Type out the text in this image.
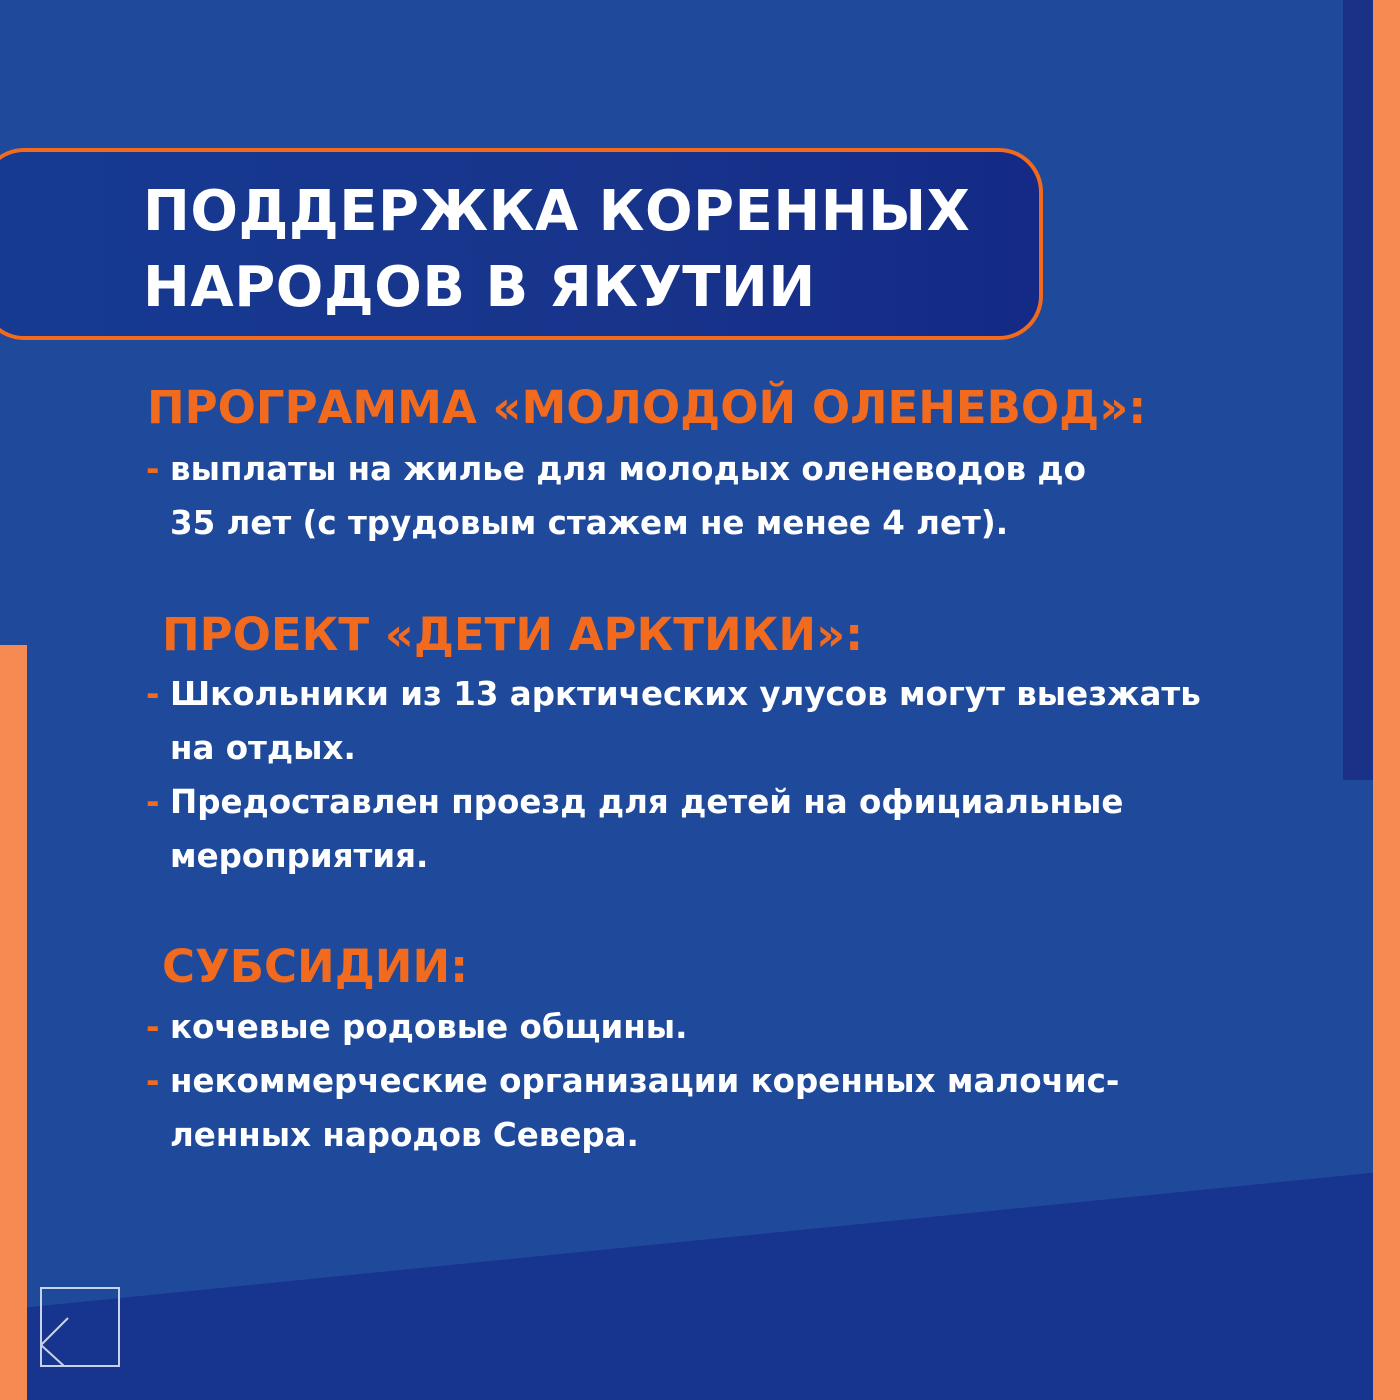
ПОДДЕРЖКА КОРЕННЫХ
НАРОДОВ В ЯКУТИИ
ПРОГРАММА «МОЛОДОЙ ОЛЕНЕВОД»:

- выплаты на жилье для молодых оленеводов до
35 лет (с трудовым стажем не менее 4 лет).

ПРОЕКТ «ДЕТИ АРКТИКИ»:

- Школьники из 13 арктических улусов могут выезжать
на отдых.

- Предоставлен проезд для детей на официальные
мероприятия.

СУБСИДИИ:

- кочевые родовые общины.

- некоммерческие организации коренных малочис-
ленных народов Севера.
